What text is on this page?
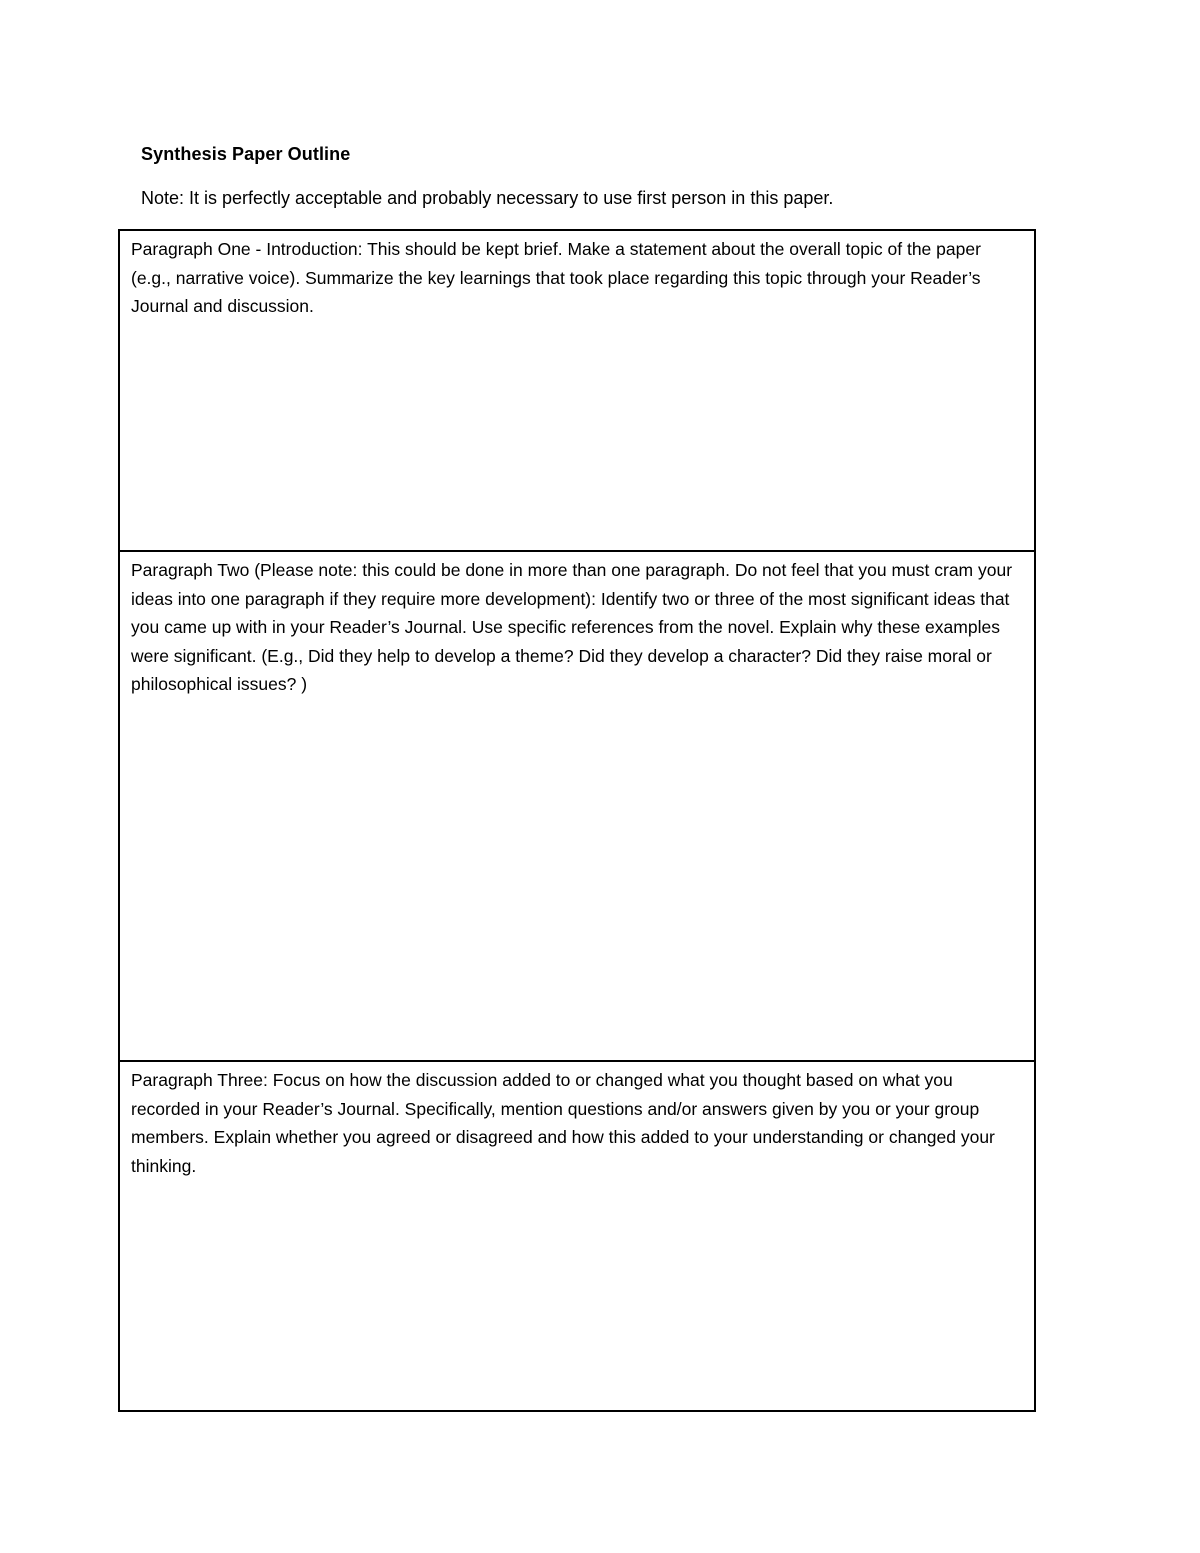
Synthesis Paper Outline
Note: It is perfectly acceptable and probably necessary to use first person in this paper.
Paragraph One - Introduction: This should be kept brief. Make a statement about the overall topic of the paper (e.g., narrative voice). Summarize the key learnings that took place regarding this topic through your Reader’s Journal and discussion.
Paragraph Two (Please note: this could be done in more than one paragraph. Do not feel that you must cram your ideas into one paragraph if they require more development): Identify two or three of the most significant ideas that you came up with in your Reader’s Journal. Use specific references from the novel. Explain why these examples were significant. (E.g., Did they help to develop a theme? Did they develop a character? Did they raise moral or philosophical issues? )
Paragraph Three: Focus on how the discussion added to or changed what you thought based on what you recorded in your Reader’s Journal. Specifically, mention questions and/or answers given by you or your group members. Explain whether you agreed or disagreed and how this added to your understanding or changed your thinking.
